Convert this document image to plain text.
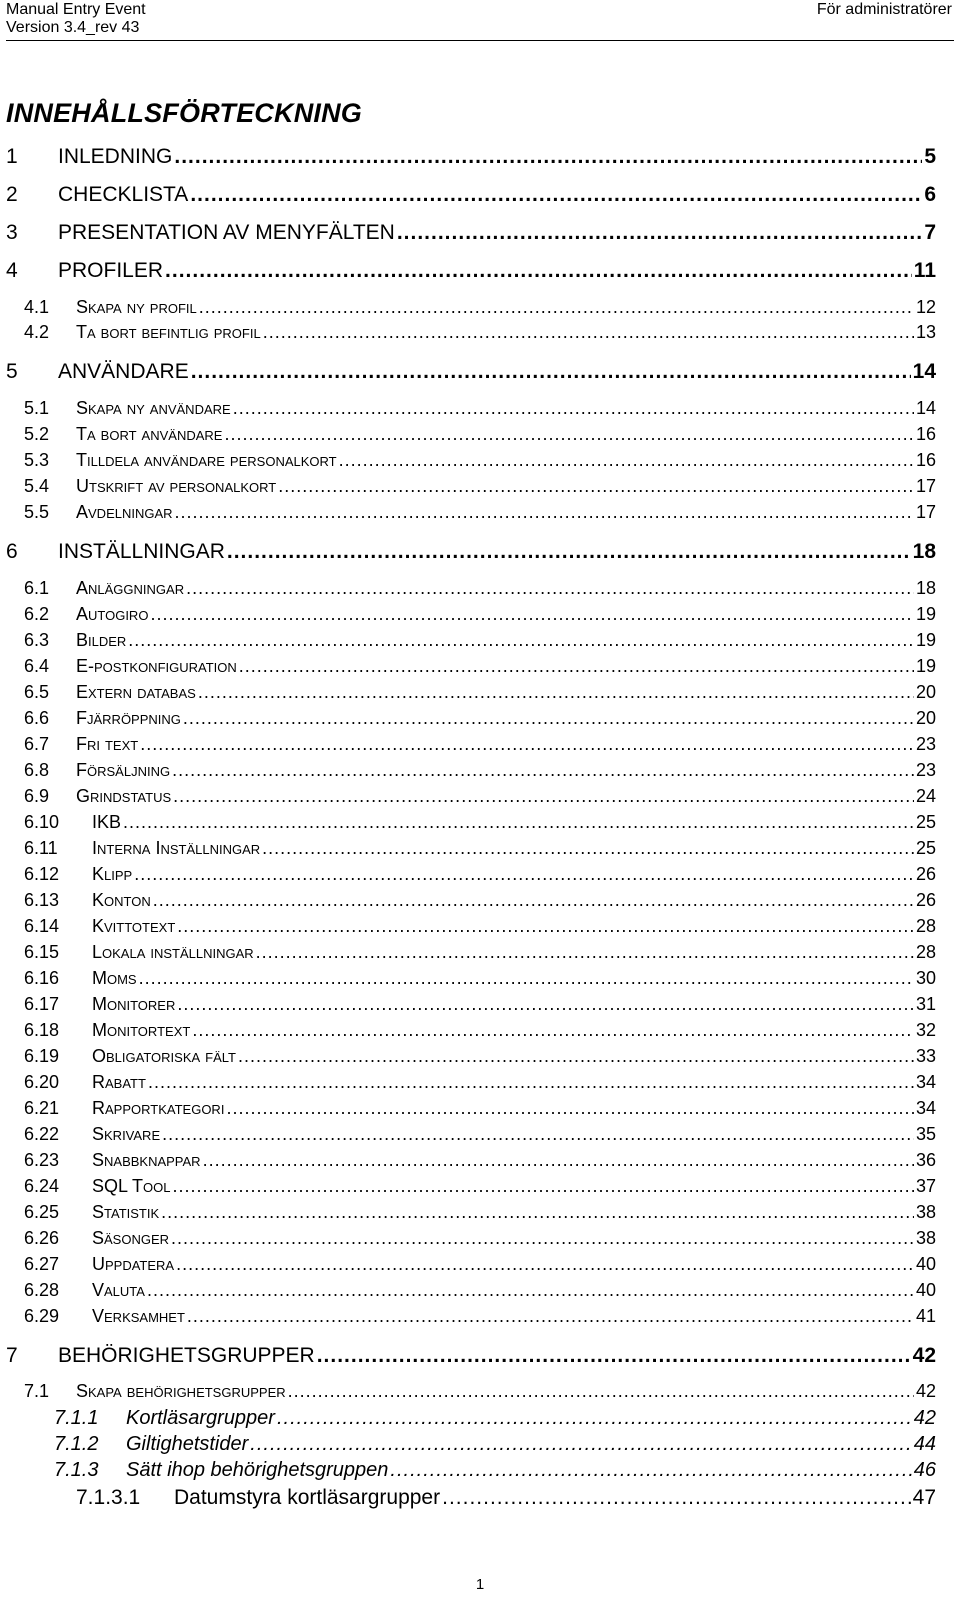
Manual Entry Event
Version 3.4_rev 43
För administratörer
INNEHÅLLSFÖRTECKNING
1	INLEDNING .....	5
2	CHECKLISTA .....	6
3	PRESENTATION AV MENYFÄLTEN .....	7
4	PROFILER .....	11
4.1	Skapa ny profil .....	12
4.2	Ta bort befintlig profil .....	13
5	ANVÄNDARE .....	14
5.1	Skapa ny användare .....	14
5.2	Ta bort användare .....	16
5.3	Tilldela användare personalkort .....	16
5.4	Utskrift av personalkort .....	17
5.5	Avdelningar .....	17
6	INSTÄLLNINGAR .....	18
6.1	Anläggningar .....	18
6.2	Autogiro .....	19
6.3	Bilder .....	19
6.4	E-postkonfiguration .....	19
6.5	Extern databas .....	20
6.6	Fjärröppning .....	20
6.7	Fri text .....	23
6.8	Försäljning .....	23
6.9	Grindstatus .....	24
6.10	IKB .....	25
6.11	Interna Inställningar .....	25
6.12	Klipp .....	26
6.13	Konton .....	26
6.14	Kvittotext .....	28
6.15	Lokala inställningar .....	28
6.16	Moms .....	30
6.17	Monitorer .....	31
6.18	Monitortext .....	32
6.19	Obligatoriska fält .....	33
6.20	Rabatt .....	34
6.21	Rapportkategori .....	34
6.22	Skrivare .....	35
6.23	Snabbknappar .....	36
6.24	SQL Tool .....	37
6.25	Statistik .....	38
6.26	Säsonger .....	38
6.27	Uppdatera .....	40
6.28	Valuta .....	40
6.29	Verksamhet .....	41
7	BEHÖRIGHETSGRUPPER .....	42
7.1	Skapa behörighetsgrupper .....	42
7.1.1	Kortläsargrupper .....	42
7.1.2	Giltighetstider .....	44
7.1.3	Sätt ihop behörighetsgruppen .....	46
7.1.3.1	Datumstyra kortläsargrupper .....	47
1
